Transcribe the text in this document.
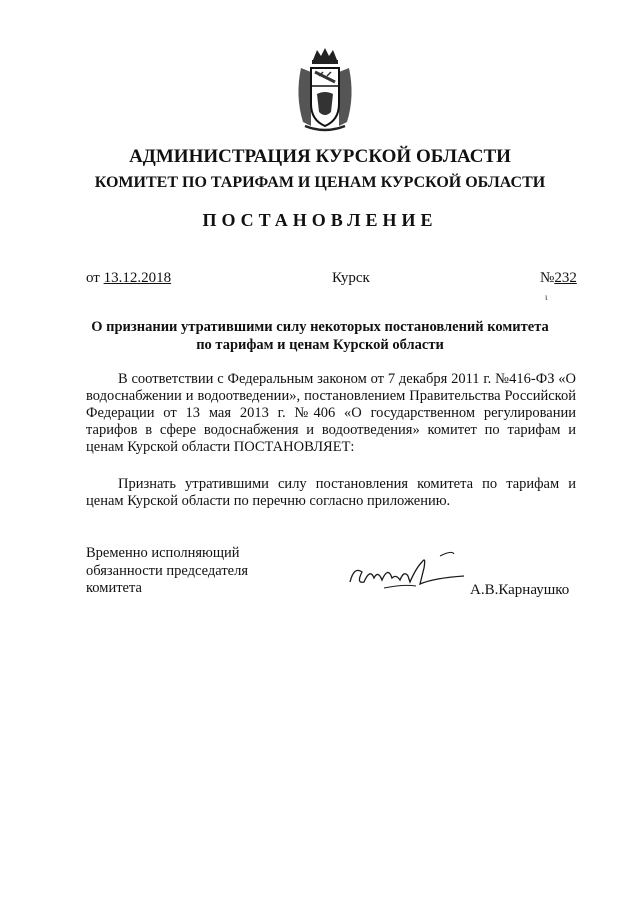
АДМИНИСТРАЦИЯ КУРСКОЙ ОБЛАСТИ
КОМИТЕТ ПО ТАРИФАМ И ЦЕНАМ КУРСКОЙ ОБЛАСТИ
ПОСТАНОВЛЕНИЕ
от 13.12.2018	Курск	№232
ι
О признании утратившими силу некоторых постановлений комитета
по тарифам и ценам Курской области
В соответствии с Федеральным законом от 7 декабря 2011 г. №416-ФЗ «О водоснабжении и водоотведении», постановлением Правительства Российской Федерации от 13 мая 2013 г. №406 «О государственном регулировании тарифов в сфере водоснабжения и водоотведения» комитет по тарифам и ценам Курской области ПОСТАНОВЛЯЕТ:
Признать утратившими силу постановления комитета по тарифам и ценам Курской области по перечню согласно приложению.
Временно исполняющий
обязанности председателя
комитета	А.В.Карнаушко
